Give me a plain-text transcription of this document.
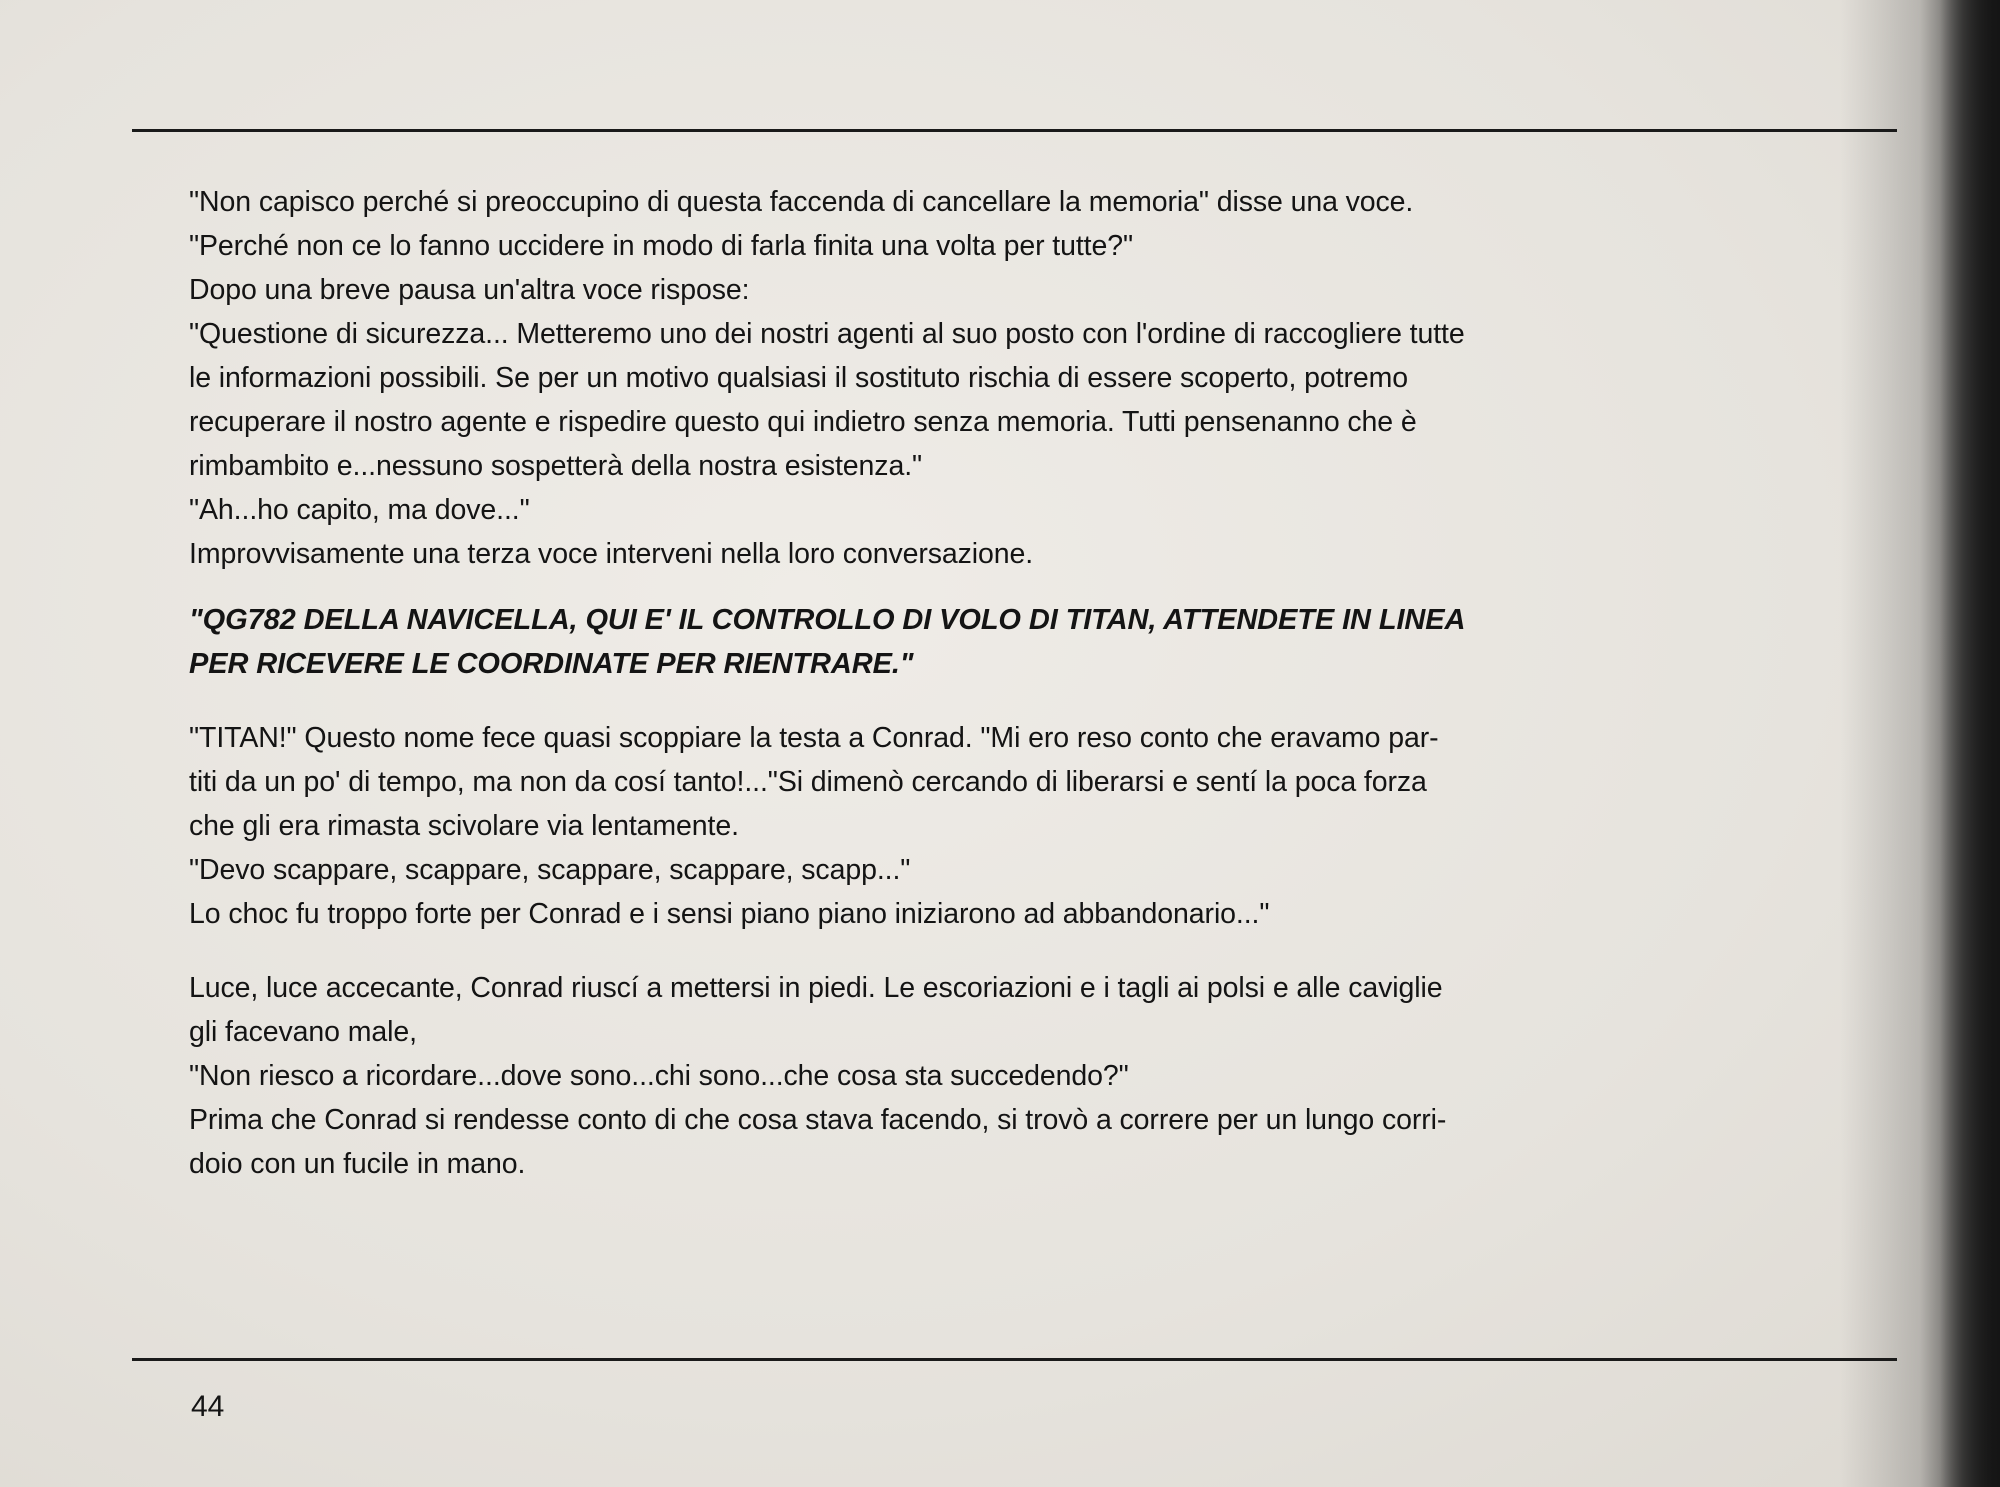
"Non capisco perché si preoccupino di questa faccenda di cancellare la memoria" disse una voce.
"Perché non ce lo fanno uccidere in modo di farla finita una volta per tutte?"
Dopo una breve pausa un'altra voce rispose:
"Questione di sicurezza... Metteremo uno dei nostri agenti al suo posto con l'ordine di raccogliere tutte
le informazioni possibili. Se per un motivo qualsiasi il sostituto rischia di essere scoperto, potremo
recuperare il nostro agente e rispedire questo qui indietro senza memoria. Tutti pensenanno che è
rimbambito e...nessuno sospetterà della nostra esistenza."
"Ah...ho capito, ma dove..."
Improvvisamente una terza voce interveni nella loro conversazione.
"QG782 DELLA NAVICELLA, QUI E' IL CONTROLLO DI VOLO DI TITAN, ATTENDETE IN LINEA
PER RICEVERE LE COORDINATE PER RIENTRARE."
"TITAN!" Questo nome fece quasi scoppiare la testa a Conrad. "Mi ero reso conto che eravamo par-
titi da un po' di tempo, ma non da cosí tanto!..."Si dimenò cercando di liberarsi e sentí la poca forza
che gli era rimasta scivolare via lentamente.
"Devo scappare, scappare, scappare, scappare, scapp..."
Lo choc fu troppo forte per Conrad e i sensi piano piano iniziarono ad abbandonario..."
Luce, luce accecante, Conrad riuscí a mettersi in piedi. Le escoriazioni e i tagli ai polsi e alle caviglie
gli facevano male,
"Non riesco a ricordare...dove sono...chi sono...che cosa sta succedendo?"
Prima che Conrad si rendesse conto di che cosa stava facendo, si trovò a correre per un lungo corri-
doio con un fucile in mano.
44
